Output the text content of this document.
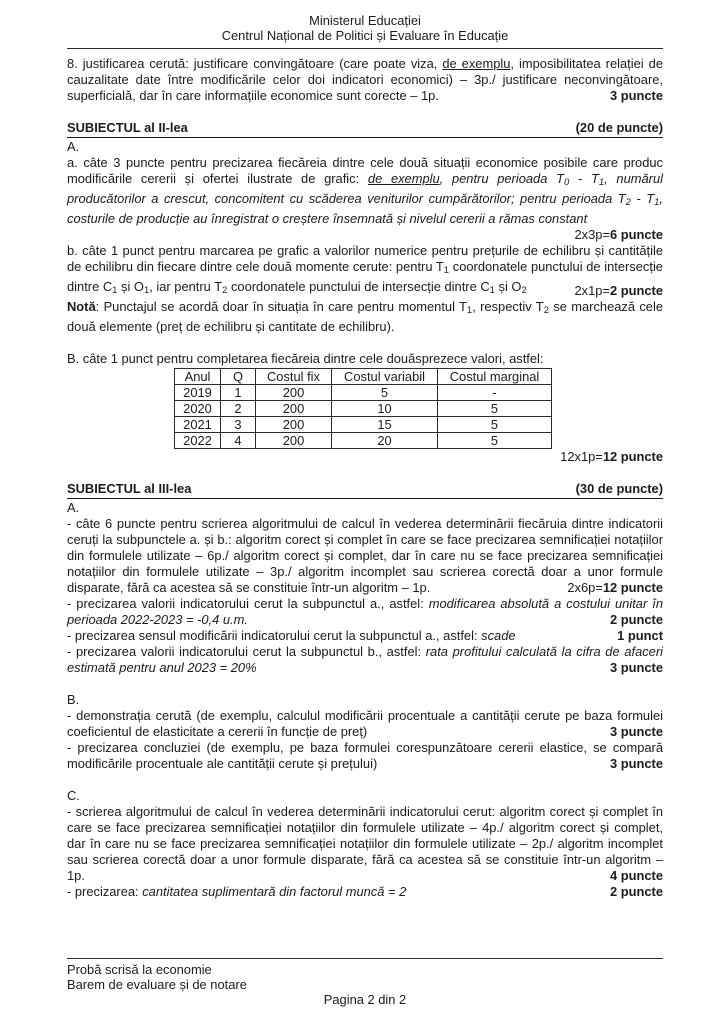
Ministerul Educației
Centrul Național de Politici și Evaluare în Educație

8. justificarea cerută: justificare convingătoare (care poate viza, de exemplu, imposibilitatea relației de cauzalitate date între modificările celor doi indicatori economici) – 3p./ justificare neconvingătoare, superficială, dar în care informațiile economice sunt corecte – 1p.	3 puncte

SUBIECTUL al II-lea	(20 de puncte)

A.

a. câte 3 puncte pentru precizarea fiecăreia dintre cele două situații economice posibile care produc modificările cererii și ofertei ilustrate de grafic: de exemplu, pentru perioada T0 - T1, numărul producătorilor a crescut, concomitent cu scăderea veniturilor cumpărătorilor; pentru perioada T2 - T1, costurile de producție au înregistrat o creștere însemnată și nivelul cererii a rămas constant

2x3p=6 puncte

b. câte 1 punct pentru marcarea pe grafic a valorilor numerice pentru prețurile de echilibru și cantitățile de echilibru din fiecare dintre cele două momente cerute: pentru T1 coordonatele punctului de intersecție dintre C1 și O1, iar pentru T2 coordonatele punctului de intersecție dintre C1 și O2	2x1p=2 puncte

Notă: Punctajul se acordă doar în situația în care pentru momentul T1, respectiv T2 se marchează cele două elemente (preț de echilibru și cantitate de echilibru).

B. câte 1 punct pentru completarea fiecăreia dintre cele douăsprezece valori, astfel:

Anul	Q	Costul fix	Costul variabil	Costul marginal
2019	1	200	5	-
2020	2	200	10	5
2021	3	200	15	5
2022	4	200	20	5
12x1p=12 puncte
SUBIECTUL al III-lea	(30 de puncte)

A.

- câte 6 puncte pentru scrierea algoritmului de calcul în vederea determinării fiecăruia dintre indicatorii ceruți la subpunctele a. și b.: algoritm corect și complet în care se face precizarea semnificației notațiilor din formulele utilizate – 6p./ algoritm corect și complet, dar în care nu se face precizarea semnificației notațiilor din formulele utilizate – 3p./ algoritm incomplet sau scrierea corectă doar a unor formule disparate, fără ca acestea să se constituie într-un algoritm – 1p.	2x6p=12 puncte

- precizarea valorii indicatorului cerut la subpunctul a., astfel: modificarea absolută a costului unitar în perioada 2022-2023 = -0,4 u.m.	2 puncte

- precizarea sensul modificării indicatorului cerut la subpunctul a., astfel: scade	1 punct

- precizarea valorii indicatorului cerut la subpunctul b., astfel: rata profitului calculată la cifra de afaceri estimată pentru anul 2023 = 20%	3 puncte

B.

- demonstrația cerută (de exemplu, calculul modificării procentuale a cantității cerute pe baza formulei coeficientul de elasticitate a cererii în funcție de preț)	3 puncte

- precizarea concluziei (de exemplu, pe baza formulei corespunzătoare cererii elastice, se compară modificările procentuale ale cantității cerute și prețului)	3 puncte

C.

- scrierea algoritmului de calcul în vederea determinării indicatorului cerut: algoritm corect și complet în care se face precizarea semnificației notațiilor din formulele utilizate – 4p./ algoritm corect și complet, dar în care nu se face precizarea semnificației notațiilor din formulele utilizate – 2p./ algoritm incomplet sau scrierea corectă doar a unor formule disparate, fără ca acestea să se constituie într-un algoritm – 1p.	4 puncte

- precizarea: cantitatea suplimentară din factorul muncă = 2	2 puncte

Probă scrisă la economie
Barem de evaluare și de notare
Pagina 2 din 2
